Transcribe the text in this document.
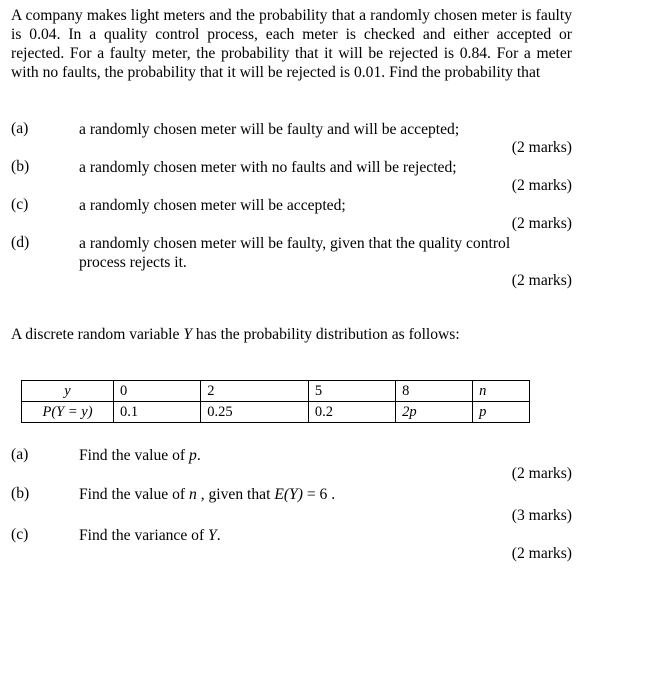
A company makes light meters and the probability that a randomly chosen meter is faulty is 0.04. In a quality control process, each meter is checked and either accepted or rejected. For a faulty meter, the probability that it will be rejected is 0.84. For a meter with no faults, the probability that it will be rejected is 0.01. Find the probability that

(a)	a randomly chosen meter will be faulty and will be accepted;
(2 marks)
(b)	a randomly chosen meter with no faults and will be rejected;
(2 marks)
(c)	a randomly chosen meter will be accepted;
(2 marks)
(d)	a randomly chosen meter will be faulty, given that the quality control
process rejects it.
(2 marks)
A discrete random variable Y has the probability distribution as follows:
y	0	2	5	8	n
P(Y = y)	0.1	0.25	0.2	2p	p
(a)	Find the value of p.
(2 marks)
(b)	Find the value of n , given that E(Y) = 6 .
(3 marks)
(c)	Find the variance of Y.
(2 marks)
